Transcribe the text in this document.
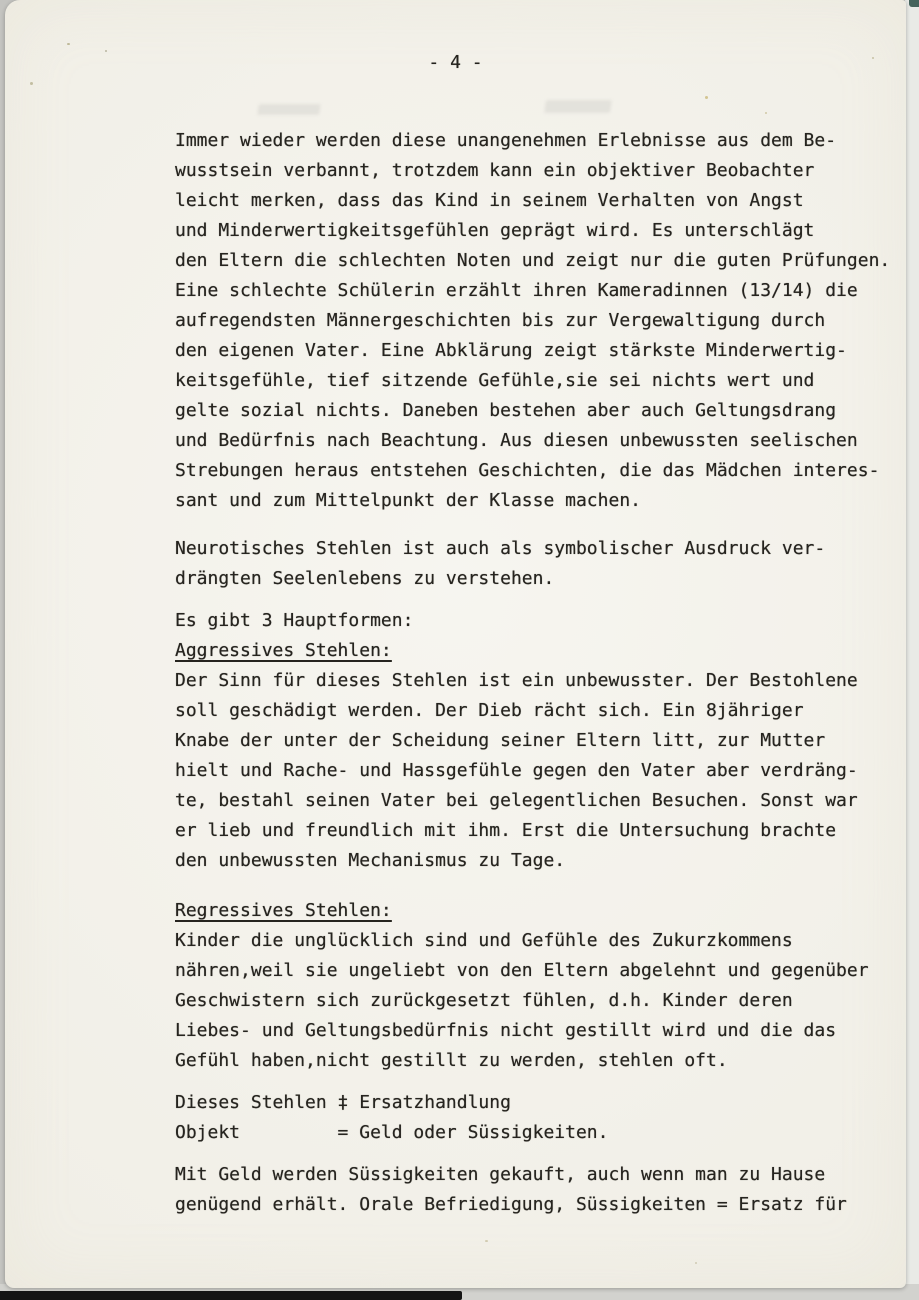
- 4 -
Immer wieder werden diese unangenehmen Erlebnisse aus dem Be-
wusstsein verbannt, trotzdem kann ein objektiver Beobachter
leicht merken, dass das Kind in seinem Verhalten von Angst
und Minderwertigkeitsgefühlen geprägt wird. Es unterschlägt
den Eltern die schlechten Noten und zeigt nur die guten Prüfungen.
Eine schlechte Schülerin erzählt ihren Kameradinnen (13/14) die
aufregendsten Männergeschichten bis zur Vergewaltigung durch
den eigenen Vater. Eine Abklärung zeigt stärkste Minderwertig-
keitsgefühle, tief sitzende Gefühle,sie sei nichts wert und
gelte sozial nichts. Daneben bestehen aber auch Geltungsdrang
und Bedürfnis nach Beachtung. Aus diesen unbewussten seelischen
Strebungen heraus entstehen Geschichten, die das Mädchen interes-
sant und zum Mittelpunkt der Klasse machen.
Neurotisches Stehlen ist auch als symbolischer Ausdruck ver-
drängten Seelenlebens zu verstehen.
Es gibt 3 Hauptformen:
Aggressives Stehlen:
Der Sinn für dieses Stehlen ist ein unbewusster. Der Bestohlene
soll geschädigt werden. Der Dieb rächt sich. Ein 8jähriger
Knabe der unter der Scheidung seiner Eltern litt, zur Mutter
hielt und Rache- und Hassgefühle gegen den Vater aber verdräng-
te, bestahl seinen Vater bei gelegentlichen Besuchen. Sonst war
er lieb und freundlich mit ihm. Erst die Untersuchung brachte
den unbewussten Mechanismus zu Tage.
Regressives Stehlen:
Kinder die unglücklich sind und Gefühle des Zukurzkommens
nähren,weil sie ungeliebt von den Eltern abgelehnt und gegenüber
Geschwistern sich zurückgesetzt fühlen, d.h. Kinder deren
Liebes- und Geltungsbedürfnis nicht gestillt wird und die das
Gefühl haben,nicht gestillt zu werden, stehlen oft.
Dieses Stehlen ‡ Ersatzhandlung
Objekt         = Geld oder Süssigkeiten.
Mit Geld werden Süssigkeiten gekauft, auch wenn man zu Hause
genügend erhält. Orale Befriedigung, Süssigkeiten = Ersatz für
